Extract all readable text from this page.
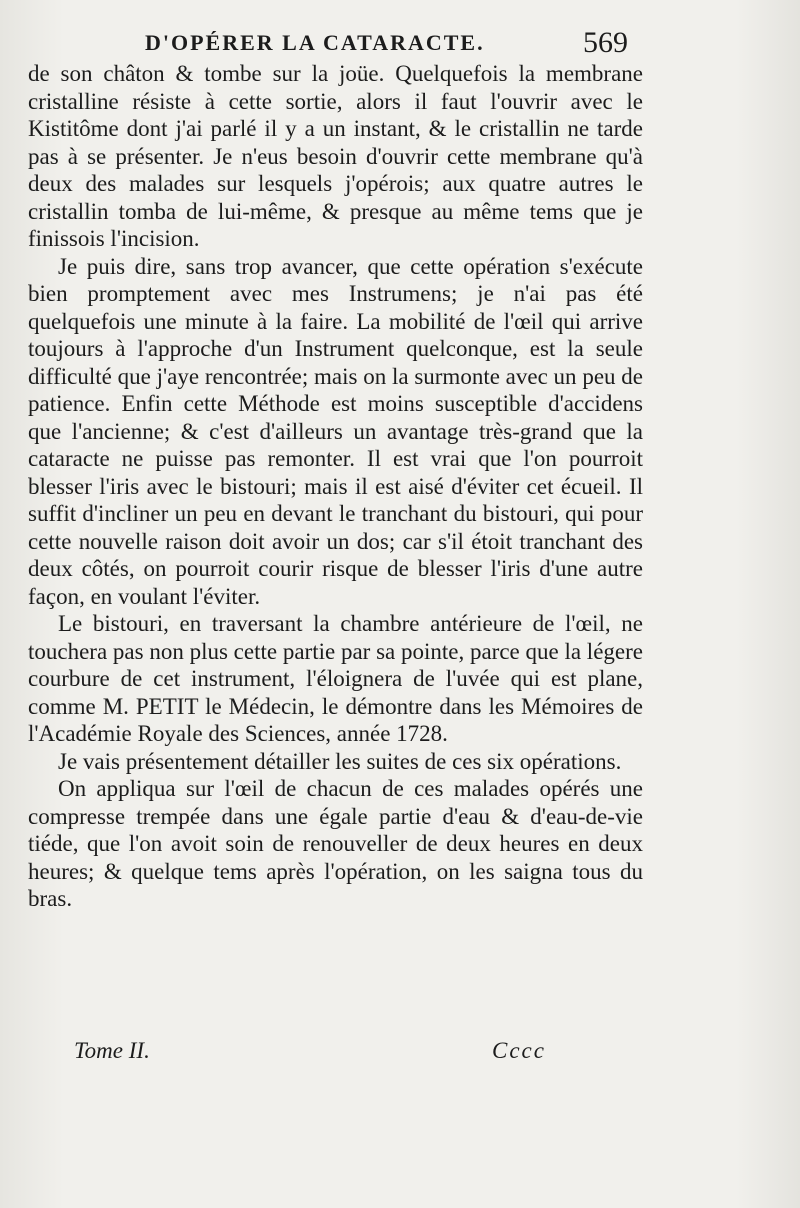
D'OPÉRER LA CATARACTE.	569

de son châton & tombe sur la joüe. Quelquefois la membrane cristalline résiste à cette sortie, alors il faut l'ouvrir avec le Kistitôme dont j'ai parlé il y a un instant, & le cristallin ne tarde pas à se présenter. Je n'eus besoin d'ouvrir cette membrane qu'à deux des malades sur lesquels j'opérois; aux quatre autres le cristallin tomba de lui-même, & presque au même tems que je finissois l'incision.

Je puis dire, sans trop avancer, que cette opération s'exécute bien promptement avec mes Instrumens; je n'ai pas été quelquefois une minute à la faire. La mobilité de l'œil qui arrive toujours à l'approche d'un Instrument quelconque, est la seule difficulté que j'aye rencontrée; mais on la surmonte avec un peu de patience. Enfin cette Méthode est moins susceptible d'accidens que l'ancienne; & c'est d'ailleurs un avantage très-grand que la cataracte ne puisse pas remonter. Il est vrai que l'on pourroit blesser l'iris avec le bistouri; mais il est aisé d'éviter cet écueil. Il suffit d'incliner un peu en devant le tranchant du bistouri, qui pour cette nouvelle raison doit avoir un dos; car s'il étoit tranchant des deux côtés, on pourroit courir risque de blesser l'iris d'une autre façon, en voulant l'éviter.

Le bistouri, en traversant la chambre antérieure de l'œil, ne touchera pas non plus cette partie par sa pointe, parce que la légere courbure de cet instrument, l'éloignera de l'uvée qui est plane, comme M. PETIT le Médecin, le démontre dans les Mémoires de l'Académie Royale des Sciences, année 1728.

Je vais présentement détailler les suites de ces six opérations.

On appliqua sur l'œil de chacun de ces malades opérés une compresse trempée dans une égale partie d'eau & d'eau-de-vie tiéde, que l'on avoit soin de renouveller de deux heures en deux heures; & quelque tems après l'opération, on les saigna tous du bras.

Tome II.	Cccc
